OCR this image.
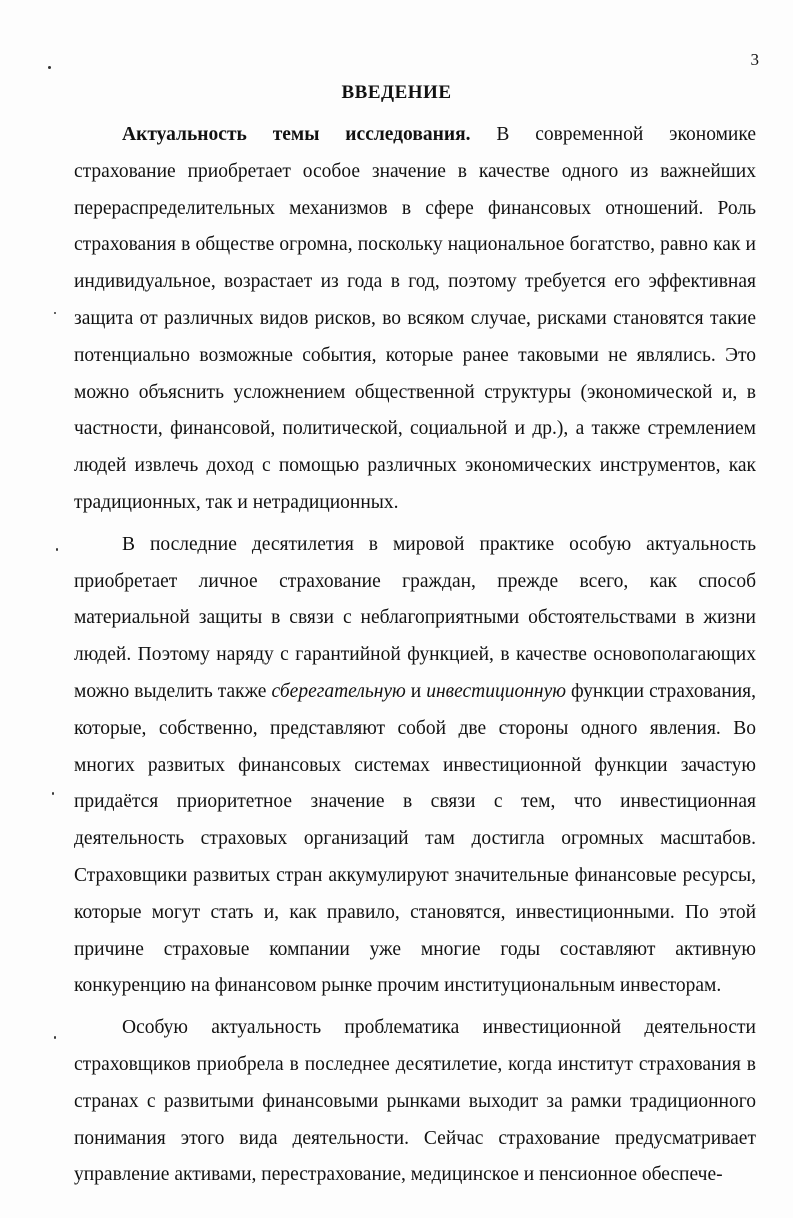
3
ВВЕДЕНИЕ

Актуальность темы исследования. В современной экономике страхование приобретает особое значение в качестве одного из важнейших перераспределительных механизмов в сфере финансовых отношений. Роль страхования в обществе огромна, поскольку национальное богатство, равно как и индивидуальное, возрастает из года в год, поэтому требуется его эффективная защита от различных видов рисков, во всяком случае, рисками становятся такие потенциально возможные события, которые ранее таковыми не являлись. Это можно объяснить усложнением общественной структуры (экономической и, в частности, финансовой, политической, социальной и др.), а также стремлением людей извлечь доход с помощью различных экономических инструментов, как традиционных, так и нетрадиционных.

В последние десятилетия в мировой практике особую актуальность приобретает личное страхование граждан, прежде всего, как способ материальной защиты в связи с неблагоприятными обстоятельствами в жизни людей. Поэтому наряду с гарантийной функцией, в качестве основополагающих можно выделить также сберегательную и инвестиционную функции страхования, которые, собственно, представляют собой две стороны одного явления. Во многих развитых финансовых системах инвестиционной функции зачастую придаётся приоритетное значение в связи с тем, что инвестиционная деятельность страховых организаций там достигла огромных масштабов. Страховщики развитых стран аккумулируют значительные финансовые ресурсы, которые могут стать и, как правило, становятся, инвестиционными. По этой причине страховые компании уже многие годы составляют активную конкуренцию на финансовом рынке прочим институциональным инвесторам.

Особую актуальность проблематика инвестиционной деятельности страховщиков приобрела в последнее десятилетие, когда институт страхования в странах с развитыми финансовыми рынками выходит за рамки традиционного понимания этого вида деятельности. Сейчас страхование предусматривает управление активами, перестрахование, медицинское и пенсионное обеспече-
